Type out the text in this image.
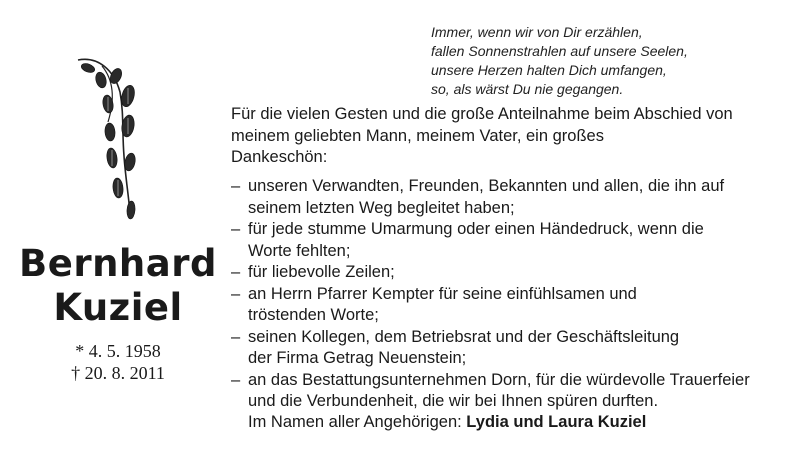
Bernhard
Kuziel
* 4. 5. 1958
† 20. 8. 2011
Immer, wenn wir von Dir erzählen,
fallen Sonnenstrahlen auf unsere Seelen,
unsere Herzen halten Dich umfangen,
so, als wärst Du nie gegangen.
Für die vielen Gesten und die große Anteilnahme beim Abschied von
meinem geliebten Mann, meinem Vater, ein großes
Dankeschön:
– unseren Verwandten, Freunden, Bekannten und allen, die ihn auf
seinem letzten Weg begleitet haben;
– für jede stumme Umarmung oder einen Händedruck, wenn die
Worte fehlten;
– für liebevolle Zeilen;
– an Herrn Pfarrer Kempter für seine einfühlsamen und
tröstenden Worte;
– seinen Kollegen, dem Betriebsrat und der Geschäftsleitung
der Firma Getrag Neuenstein;
– an das Bestattungsunternehmen Dorn, für die würdevolle Trauerfeier
und die Verbundenheit, die wir bei Ihnen spüren durften.
Im Namen aller Angehörigen: Lydia und Laura Kuziel
